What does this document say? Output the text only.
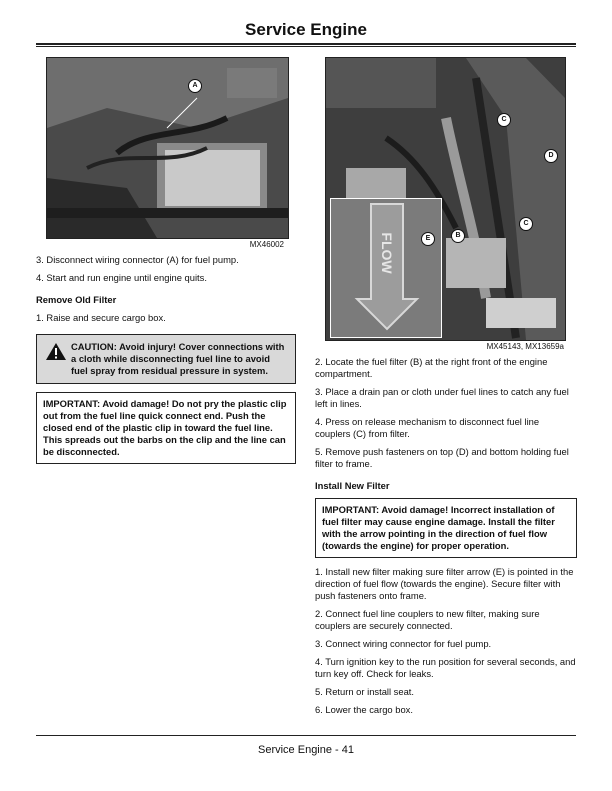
Service Engine
A
MX46002	FLOW
C
D
C
B
E
MX45143, MX13659a

3. Disconnect wiring connector (A) for fuel pump.

4. Start and run engine until engine quits.

Remove Old Filter

1. Raise and secure cargo box.

CAUTION: Avoid injury! Cover connections with
a cloth while disconnecting fuel line to avoid fuel spray from residual pressure in system.
IMPORTANT: Avoid damage! Do not pry the plastic clip out from the fuel line quick connect end. Push the closed end of the plastic clip in toward the fuel line. This spreads out the barbs on the clip and the line can be disconnected.

2. Locate the fuel filter (B) at the right front of the engine compartment.

3. Place a drain pan or cloth under fuel lines to catch any fuel left in lines.

4. Press on release mechanism to disconnect fuel line couplers (C) from filter.

5. Remove push fasteners on top (D) and bottom holding fuel filter to frame.

Install New Filter

IMPORTANT: Avoid damage! Incorrect installation of fuel filter may cause engine damage. Install the filter with the arrow pointing in the direction of fuel flow (towards the engine) for proper operation.

1. Install new filter making sure filter arrow (E) is pointed in the direction of fuel flow (towards the engine). Secure filter with push fasteners onto frame.

2. Connect fuel line couplers to new filter, making sure couplers are securely connected.

3. Connect wiring connector for fuel pump.

4. Turn ignition key to the run position for several seconds, and turn key off. Check for leaks.

5. Return or install seat.

6. Lower the cargo box.

Service Engine - 41
